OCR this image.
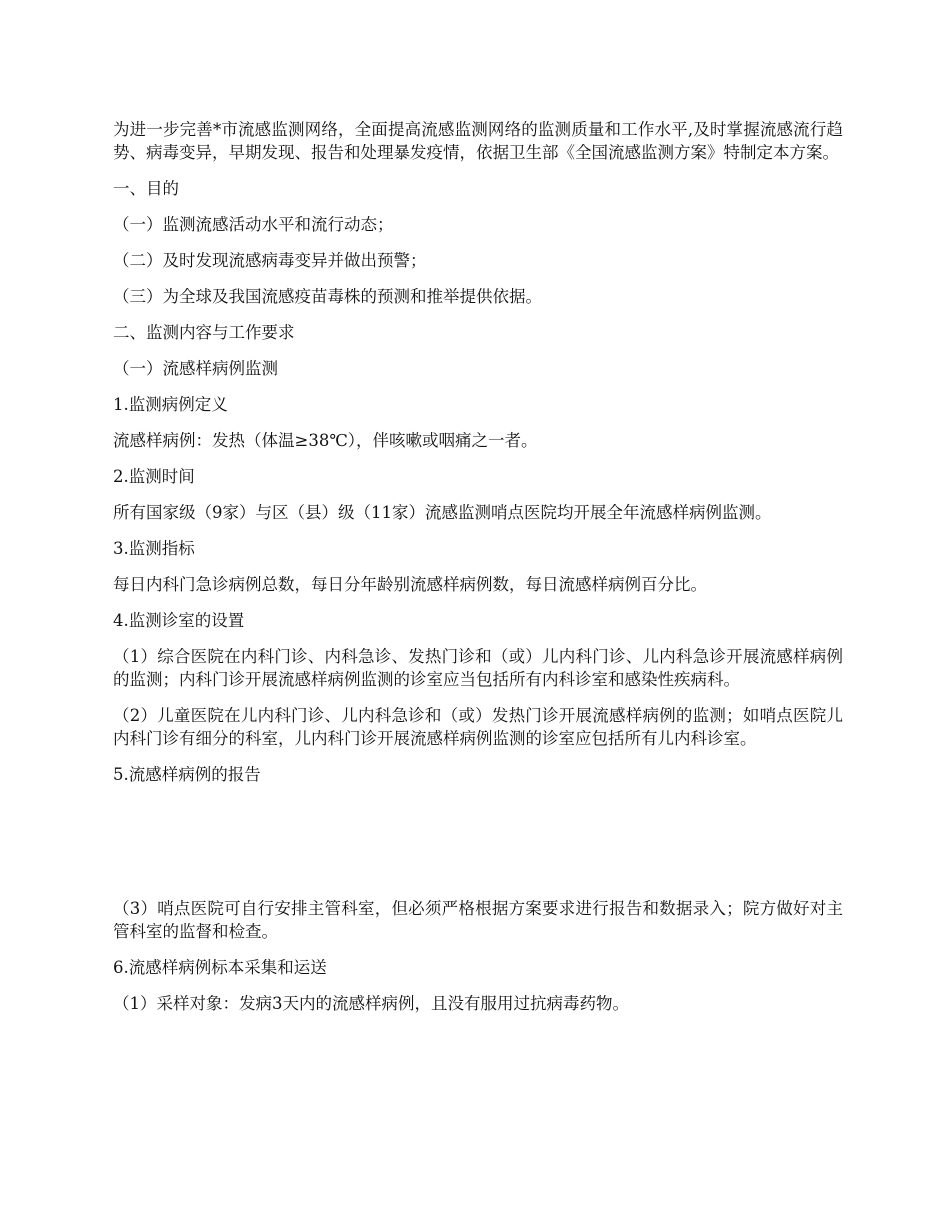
为进一步完善*市流感监测网络，全面提高流感监测网络的监测质量和工作水平,及时掌握流感流行趋势、病毒变异，早期发现、报告和处理暴发疫情，依据卫生部《全国流感监测方案》特制定本方案。

一、目的

（一）监测流感活动水平和流行动态；

（二）及时发现流感病毒变异并做出预警；

（三）为全球及我国流感疫苗毒株的预测和推举提供依据。

二、监测内容与工作要求

（一）流感样病例监测

1.监测病例定义

流感样病例：发热（体温≥38℃），伴咳嗽或咽痛之一者。

2.监测时间

所有国家级（9家）与区（县）级（11家）流感监测哨点医院均开展全年流感样病例监测。

3.监测指标

每日内科门急诊病例总数，每日分年龄别流感样病例数，每日流感样病例百分比。

4.监测诊室的设置

（1）综合医院在内科门诊、内科急诊、发热门诊和（或）儿内科门诊、儿内科急诊开展流感样病例的监测；内科门诊开展流感样病例监测的诊室应当包括所有内科诊室和感染性疾病科。

（2）儿童医院在儿内科门诊、儿内科急诊和（或）发热门诊开展流感样病例的监测；如哨点医院儿内科门诊有细分的科室，儿内科门诊开展流感样病例监测的诊室应包括所有儿内科诊室。

5.流感样病例的报告

（3）哨点医院可自行安排主管科室，但必须严格根据方案要求进行报告和数据录入；院方做好对主管科室的监督和检查。

6.流感样病例标本采集和运送

（1）采样对象：发病3天内的流感样病例，且没有服用过抗病毒药物。
